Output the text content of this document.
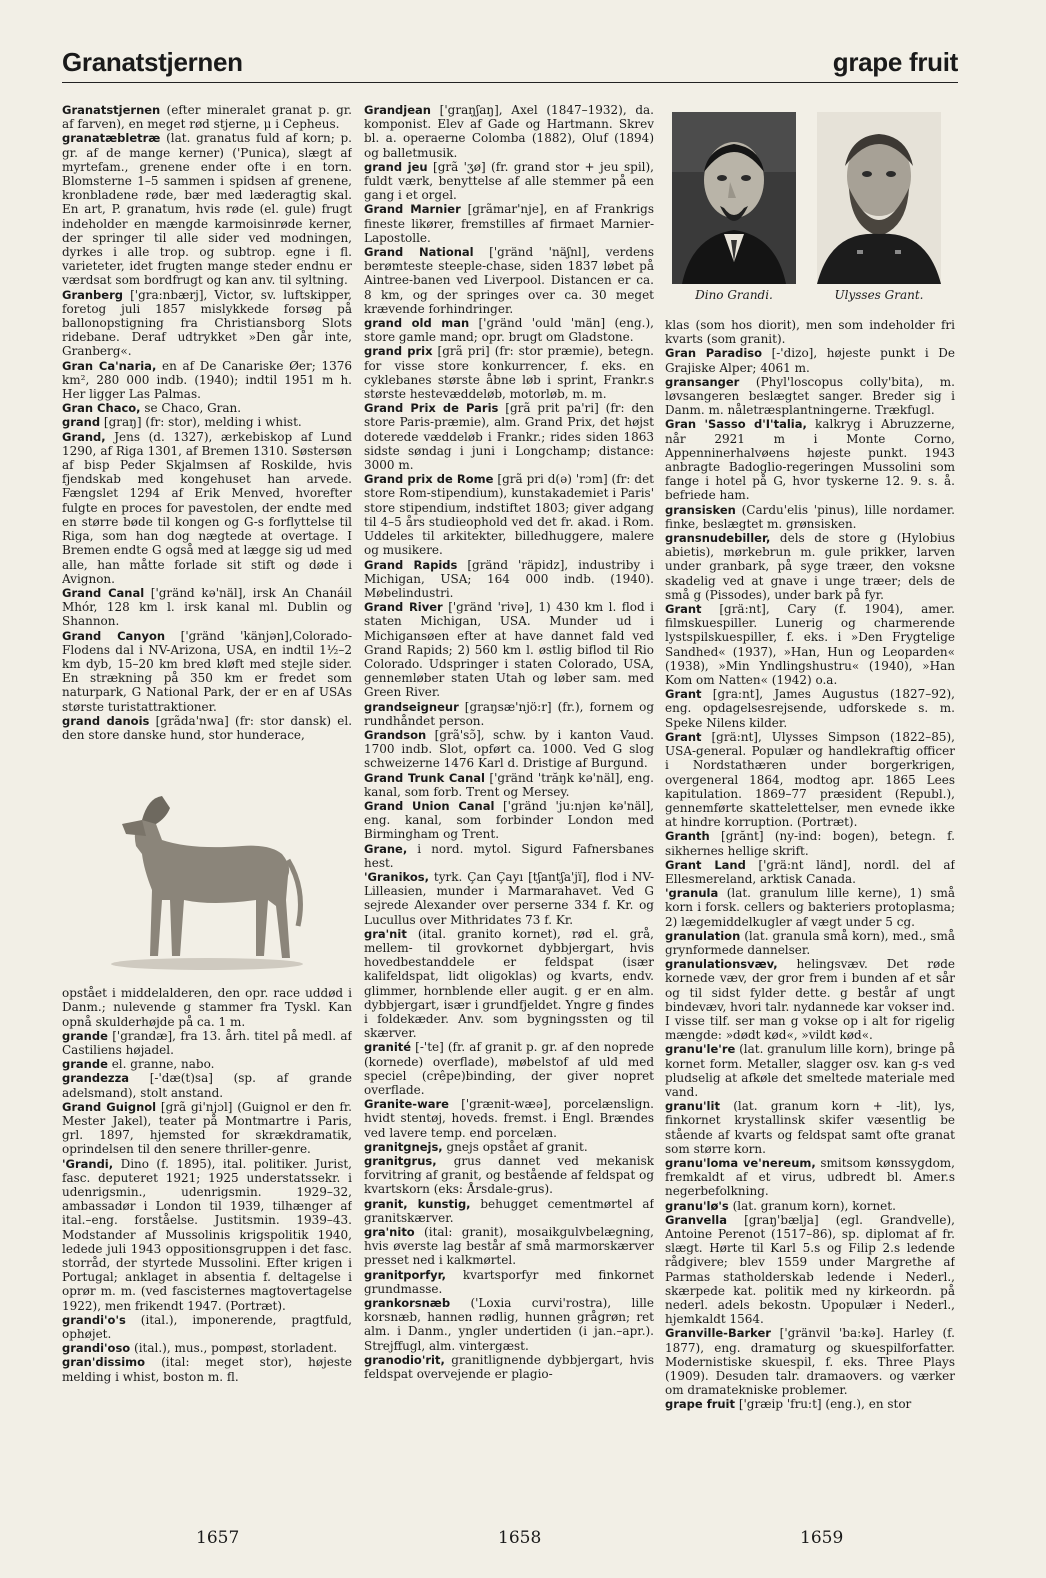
Granatstjernen	grape fruit

Granatstjernen (efter mineralet granat p. gr. af farven), en meget rød stjerne, μ i Cepheus.

granatæbletræ (lat. granatus fuld af korn; p. gr. af de mange kerner) ('Punica), slægt af myrtefam., grenene ender ofte i en torn. Blomsterne 1–5 sammen i spidsen af grenene, kronbladene røde, bær med læderagtig skal. En art, P. granatum, hvis røde (el. gule) frugt indeholder en mængde karmoisinrøde kerner, der springer til alle sider ved modningen, dyrkes i alle trop. og subtrop. egne i fl. varieteter, idet frugten mange steder endnu er værdsat som bordfrugt og kan anv. til syltning.

Granberg ['gra:nbærj], Victor, sv. luftskipper, foretog juli 1857 mislykkede forsøg på ballonopstigning fra Christiansborg Slots ridebane. Deraf udtrykket »Den går inte, Granberg«.

Gran Ca'naria, en af De Canariske Øer; 1376 km², 280 000 indb. (1940); indtil 1951 m h. Her ligger Las Palmas.

Gran Chaco, se Chaco, Gran.

grand [graŋ] (fr: stor), melding i whist.

Grand, Jens (d. 1327), ærkebiskop af Lund 1290, af Riga 1301, af Bremen 1310. Søstersøn af bisp Peder Skjalmsen af Roskilde, hvis fjendskab med kongehuset han arvede. Fængslet 1294 af Erik Menved, hvorefter fulgte en proces for pavestolen, der endte med en større bøde til kongen og G-s forflyttelse til Riga, som han dog nægtede at overtage. I Bremen endte G også med at lægge sig ud med alle, han måtte forlade sit stift og døde i Avignon.

Grand Canal ['gränd kə'näl], irsk An Chanáil Mhór, 128 km l. irsk kanal ml. Dublin og Shannon.

Grand Canyon ['gränd 'känjən],Colorado-Flodens dal i NV-Arizona, USA, en indtil 1½–2 km dyb, 15–20 km bred kløft med stejle sider. En strækning på 350 km er fredet som naturpark, G National Park, der er en af USAs største turistattraktioner.

grand danois [grãda'nwa] (fr: stor dansk) el. den store danske hund, stor hunderace,

opstået i middelalderen, den opr. race uddød i Danm.; nulevende g stammer fra Tyskl. Kan opnå skulderhøjde på ca. 1 m.

grande ['grandæ], fra 13. årh. titel på medl. af Castiliens højadel.

grande el. granne, nabo.

grandezza [-'dæ(t)sa] (sp. af grande adelsmand), stolt anstand.

Grand Guignol [grã gi'njɔl] (Guignol er den fr. Mester Jakel), teater på Montmartre i Paris, grl. 1897, hjemsted for skrækdramatik, oprindelsen til den senere thriller-genre.

'Grandi, Dino (f. 1895), ital. politiker. Jurist, fasc. deputeret 1921; 1925 understatssekr. i udenrigsmin., udenrigsmin. 1929–32, ambassadør i London til 1939, tilhænger af ital.–eng. forståelse. Justitsmin. 1939–43. Modstander af Mussolinis krigspolitik 1940, ledede juli 1943 oppositionsgruppen i det fasc. storråd, der styrtede Mussolini. Efter krigen i Portugal; anklaget in absentia f. deltagelse i oprør m. m. (ved fascisternes magtovertagelse 1922), men frikendt 1947. (Portræt).

grandi'o's (ital.), imponerende, pragtfuld, ophøjet.

grandi'oso (ital.), mus., pompøst, storladent.

gran'dissimo (ital: meget stor), højeste melding i whist, boston m. fl.

Grandjean ['graŋʃaŋ], Axel (1847–1932), da. komponist. Elev af Gade og Hartmann. Skrev bl. a. operaerne Colomba (1882), Oluf (1894) og balletmusik.

grand jeu [grã 'ʒø] (fr. grand stor + jeu spil), fuldt værk, benyttelse af alle stemmer på een gang i et orgel.

Grand Marnier [grãmar'nje], en af Frankrigs fineste likører, fremstilles af firmaet Marnier-Lapostolle.

Grand National ['gränd 'näʃnl], verdens berømteste steeple-chase, siden 1837 løbet på Aintree-banen ved Liverpool. Distancen er ca. 8 km, og der springes over ca. 30 meget krævende forhindringer.

grand old man ['gränd 'ould 'män] (eng.), store gamle mand; opr. brugt om Gladstone.

grand prix [grã pri] (fr: stor præmie), betegn. for visse store konkurrencer, f. eks. en cyklebanes største åbne løb i sprint, Frankr.s største hestevæddeløb, motorløb, m. m.

Grand Prix de Paris [grã prit pa'ri] (fr: den store Paris-præmie), alm. Grand Prix, det højst doterede væddeløb i Frankr.; rides siden 1863 sidste søndag i juni i Longchamp; distance: 3000 m.

Grand prix de Rome [grã pri d(ə) 'rɔm] (fr: det store Rom-stipendium), kunstakademiet i Paris' store stipendium, indstiftet 1803; giver adgang til 4–5 års studieophold ved det fr. akad. i Rom. Uddeles til arkitekter, billedhuggere, malere og musikere.

Grand Rapids [gränd 'räpidz], industriby i Michigan, USA; 164 000 indb. (1940). Møbelindustri.

Grand River ['gränd 'rivə], 1) 430 km l. flod i staten Michigan, USA. Munder ud i Michigansøen efter at have dannet fald ved Grand Rapids; 2) 560 km l. østlig biflod til Rio Colorado. Udspringer i staten Colorado, USA, gennemløber staten Utah og løber sam. med Green River.

grandseigneur [graŋsæ'njö:r] (fr.), fornem og rundhåndet person.

Grandson [grã'sɔ̃], schw. by i kanton Vaud. 1700 indb. Slot, opført ca. 1000. Ved G slog schweizerne 1476 Karl d. Dristige af Burgund.

Grand Trunk Canal ['gränd 'trăŋk kə'näl], eng. kanal, som forb. Trent og Mersey.

Grand Union Canal ['gränd 'ju:njən kə'näl], eng. kanal, som forbinder London med Birmingham og Trent.

Grane, i nord. mytol. Sigurd Fafnersbanes hest.

'Granikos, tyrk. Çan Çayı [tʃantʃa'jï], flod i NV-Lilleasien, munder i Marmarahavet. Ved G sejrede Alexander over perserne 334 f. Kr. og Lucullus over Mithridates 73 f. Kr.

gra'nit (ital. granito kornet), rød el. grå, mellem- til grovkornet dybbjergart, hvis hovedbestanddele er feldspat (især kalifeldspat, lidt oligoklas) og kvarts, endv. glimmer, hornblende eller augit. g er en alm. dybbjergart, især i grundfjeldet. Yngre g findes i foldekæder. Anv. som bygningssten og til skærver.

granité [-'te] (fr. af granit p. gr. af den noprede (kornede) overflade), møbelstof af uld med speciel (crêpe)binding, der giver nopret overflade.

Granite-ware ['grænit-wæə], porcelænslign. hvidt stentøj, hoveds. fremst. i Engl. Brændes ved lavere temp. end porcelæn.

granitgnejs, gnejs opstået af granit.

granitgrus, grus dannet ved mekanisk forvitring af granit, og bestående af feldspat og kvartskorn (eks: Årsdale-grus).

granit, kunstig, behugget cementmørtel af granitskærver.

gra'nito (ital: granit), mosaikgulvbelægning, hvis øverste lag består af små marmorskærver presset ned i kalkmørtel.

granitporfyr, kvartsporfyr med finkornet grundmasse.

grankorsnæb ('Loxia curvi'rostra), lille korsnæb, hannen rødlig, hunnen grågrøn; ret alm. i Danm., yngler undertiden (i jan.–apr.). Strejffugl, alm. vintergæst.

granodio'rit, granitlignende dybbjergart, hvis feldspat overvejende er plagio-

Dino Grandi.	Ulysses Grant.

klas (som hos diorit), men som indeholder fri kvarts (som granit).

Gran Paradiso [-'dizo], højeste punkt i De Grajiske Alper; 4061 m.

gransanger (Phyl'loscopus colly'bita), m. løvsangeren beslægtet sanger. Breder sig i Danm. m. nåletræsplantningerne. Trækfugl.

Gran 'Sasso d'I'talia, kalkryg i Abruzzerne, når 2921 m i Monte Corno, Appenninerhalvøens højeste punkt. 1943 anbragte Badoglio-regeringen Mussolini som fange i hotel på G, hvor tyskerne 12. 9. s. å. befriede ham.

gransisken (Cardu'elis 'pinus), lille nordamer. finke, beslægtet m. grønsisken.

gransnudebiller, dels de store g (Hylobius abietis), mørkebrun m. gule prikker, larven under granbark, på syge træer, den voksne skadelig ved at gnave i unge træer; dels de små g (Pissodes), under bark på fyr.

Grant [grä:nt], Cary (f. 1904), amer. filmskuespiller. Lunerig og charmerende lystspilskuespiller, f. eks. i »Den Frygtelige Sandhed« (1937), »Han, Hun og Leoparden« (1938), »Min Yndlingshustru« (1940), »Han Kom om Natten« (1942) o.a.

Grant [gra:nt], James Augustus (1827–92), eng. opdagelsesrejsende, udforskede s. m. Speke Nilens kilder.

Grant [grä:nt], Ulysses Simpson (1822–85), USA-general. Populær og handlekraftig officer i Nordstathæren under borgerkrigen, overgeneral 1864, modtog apr. 1865 Lees kapitulation. 1869–77 præsident (Republ.), gennemførte skattelettelser, men evnede ikke at hindre korruption. (Portræt).

Granth [grănt] (ny-ind: bogen), betegn. f. sikhernes hellige skrift.

Grant Land ['grä:nt länd], nordl. del af Ellesmereland, arktisk Canada.

'granula (lat. granulum lille kerne), 1) små korn i forsk. cellers og bakteriers protoplasma; 2) lægemiddelkugler af vægt under 5 cg.

granulation (lat. granula små korn), med., små grynformede dannelser.

granulationsvæv, helingsvæv. Det røde kornede væv, der gror frem i bunden af et sår og til sidst fylder dette. g består af ungt bindevæv, hvori talr. nydannede kar vokser ind. I visse tilf. ser man g vokse op i alt for rigelig mængde: »dødt kød«, »vildt kød«.

granu'le're (lat. granulum lille korn), bringe på kornet form. Metaller, slagger osv. kan g-s ved pludselig at afkøle det smeltede materiale med vand.

granu'lit (lat. granum korn + -lit), lys, finkornet krystallinsk skifer væsentlig be stående af kvarts og feldspat samt ofte granat som større korn.

granu'loma ve'nereum, smitsom kønssygdom, fremkaldt af et virus, udbredt bl. Amer.s negerbefolkning.

granu'lø's (lat. granum korn), kornet.

Granvella [graŋ'bælja] (egl. Grandvelle), Antoine Perenot (1517–86), sp. diplomat af fr. slægt. Hørte til Karl 5.s og Filip 2.s ledende rådgivere; blev 1559 under Margrethe af Parmas statholderskab ledende i Nederl., skærpede kat. politik med ny kirkeordn. på nederl. adels bekostn. Upopulær i Nederl., hjemkaldt 1564.

Granville-Barker ['gränvil 'ba:kə]. Harley (f. 1877), eng. dramaturg og skuespilforfatter. Modernistiske skuespil, f. eks. Three Plays (1909). Desuden talr. dramaovers. og værker om dramatekniske problemer.

grape fruit ['græip 'fru:t] (eng.), en stor

1657	1658	1659
